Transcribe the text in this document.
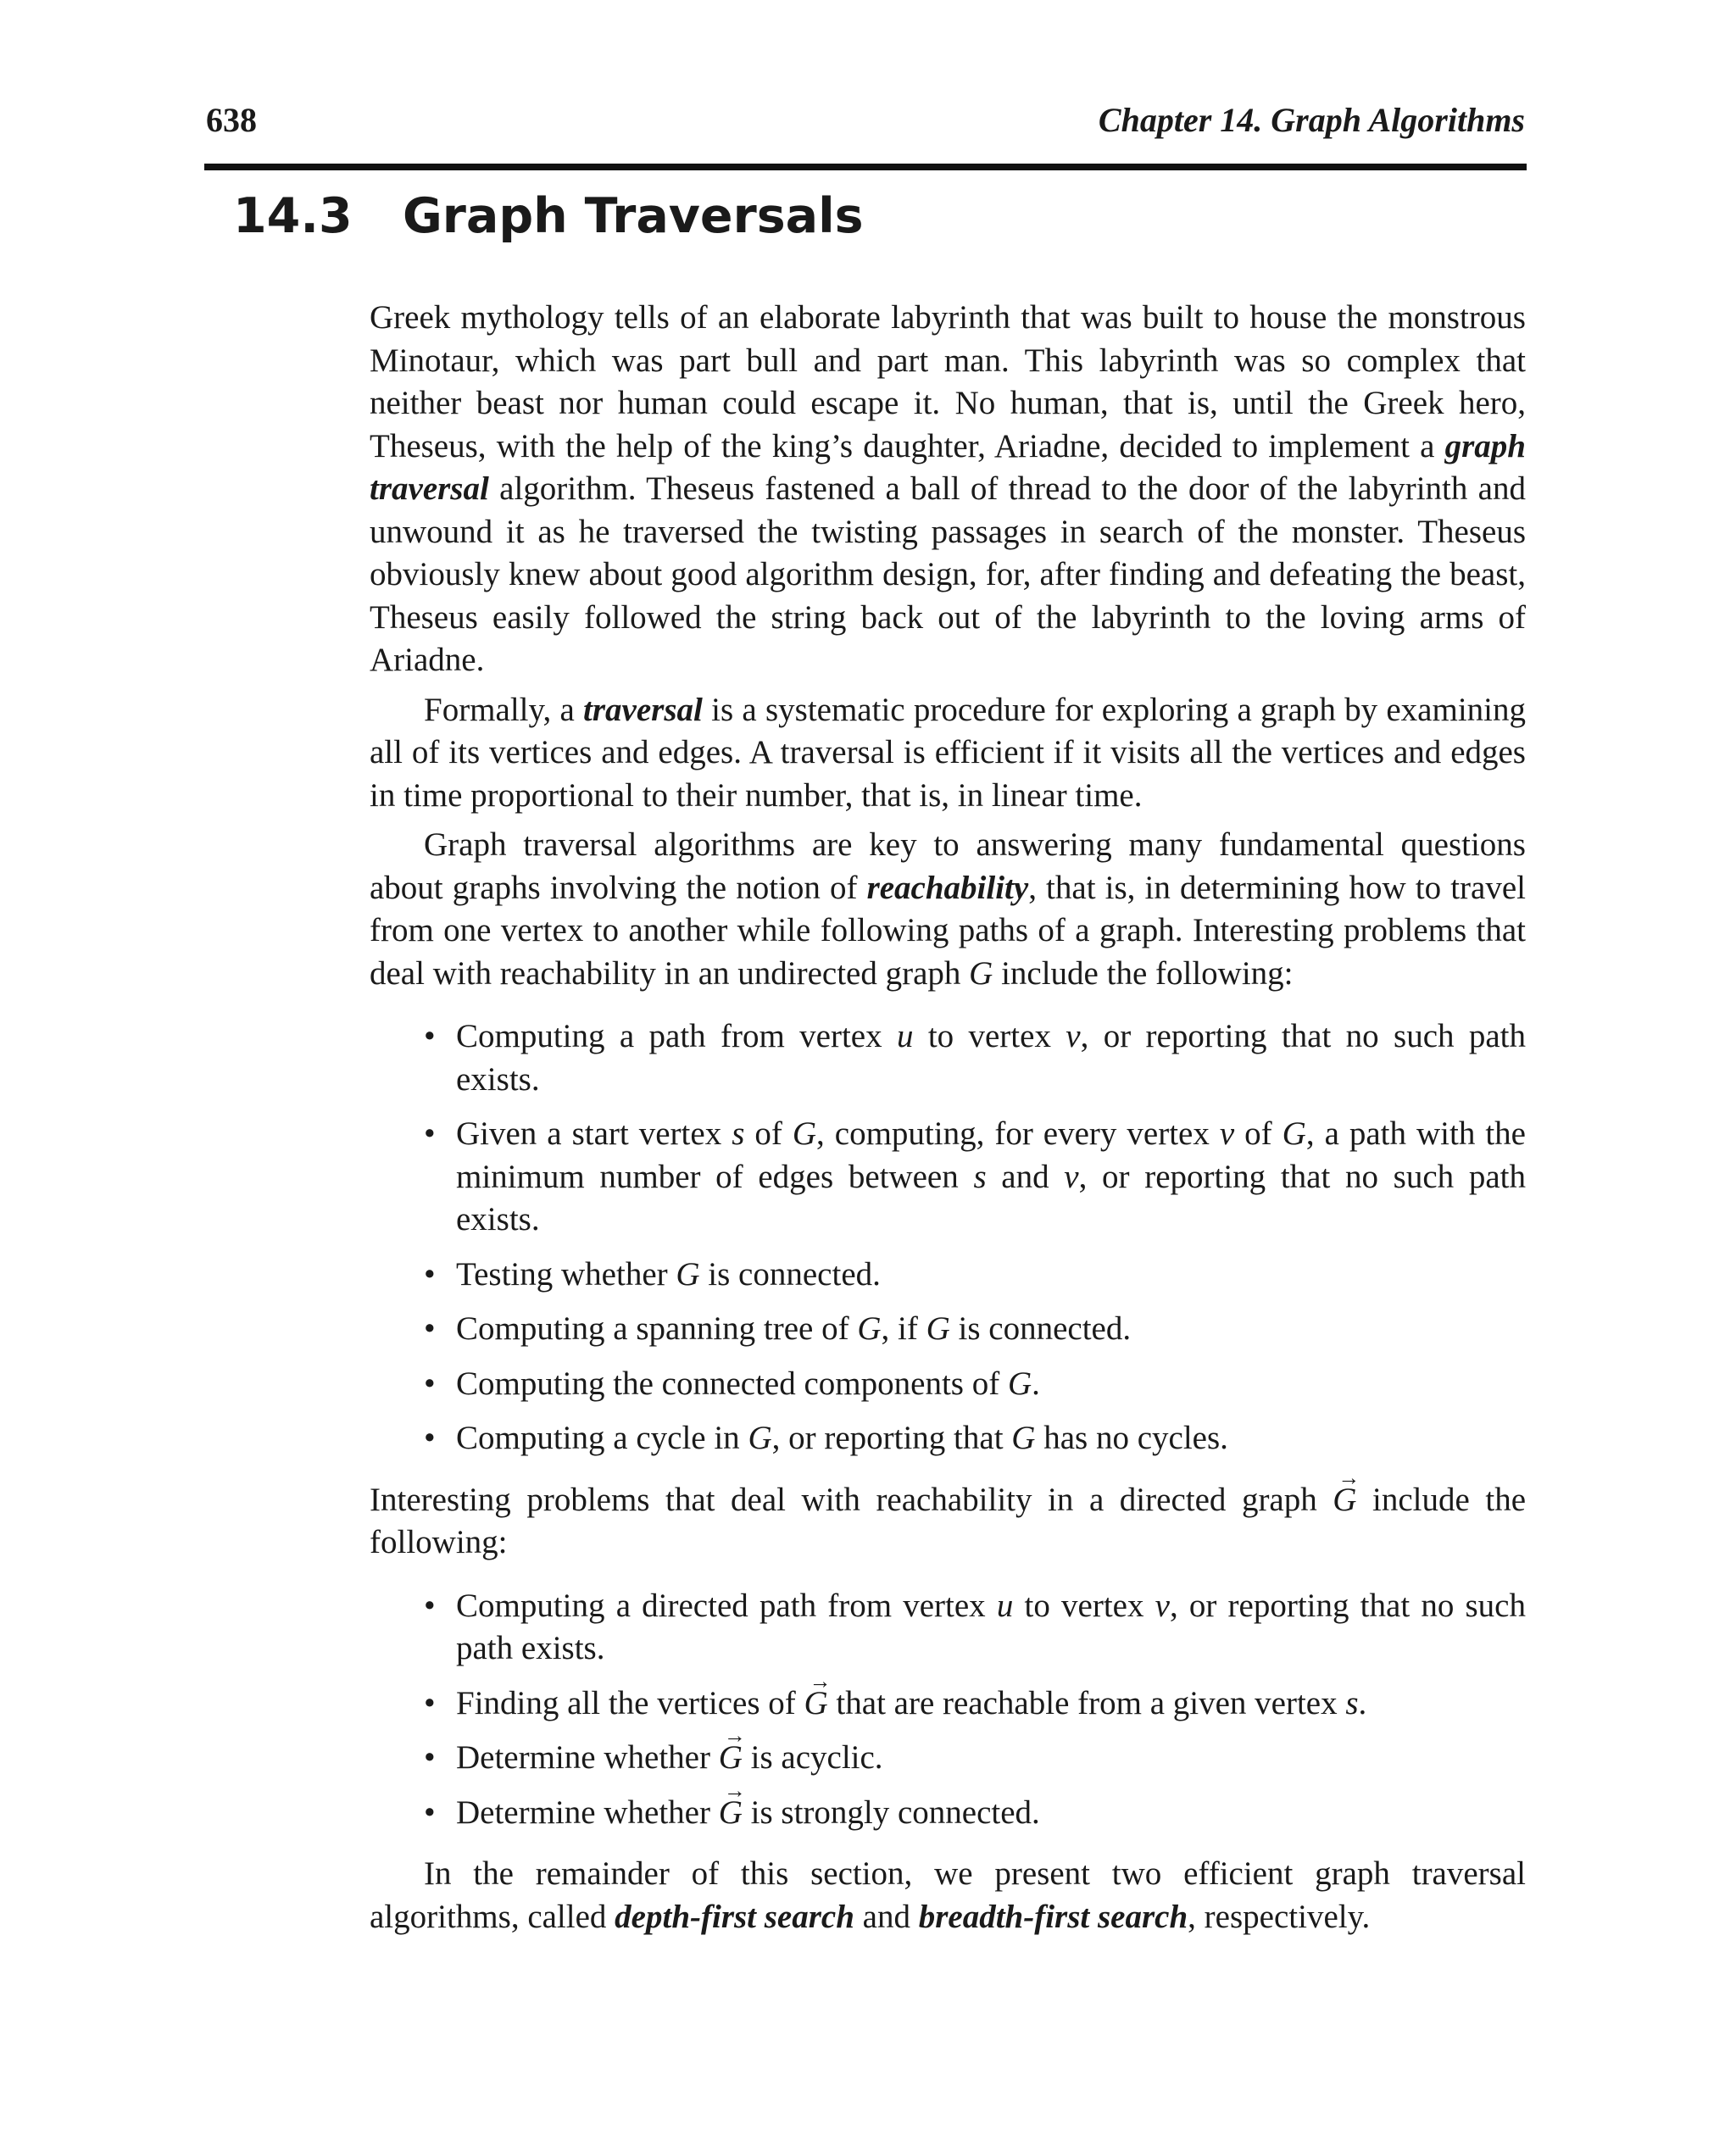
638	Chapter 14. Graph Algorithms
14.3 Graph Traversals

Greek mythology tells of an elaborate labyrinth that was built to house the monstrous Minotaur, which was part bull and part man. This labyrinth was so complex that neither beast nor human could escape it. No human, that is, until the Greek hero, Theseus, with the help of the king’s daughter, Ariadne, decided to implement a graph traversal algorithm. Theseus fastened a ball of thread to the door of the labyrinth and unwound it as he traversed the twisting passages in search of the monster. Theseus obviously knew about good algorithm design, for, after finding and defeating the beast, Theseus easily followed the string back out of the labyrinth to the loving arms of Ariadne.

Formally, a traversal is a systematic procedure for exploring a graph by examining all of its vertices and edges. A traversal is efficient if it visits all the vertices and edges in time proportional to their number, that is, in linear time.

Graph traversal algorithms are key to answering many fundamental questions about graphs involving the notion of reachability, that is, in determining how to travel from one vertex to another while following paths of a graph. Interesting problems that deal with reachability in an undirected graph G include the following:

• Computing a path from vertex u to vertex v, or reporting that no such path exists.
• Given a start vertex s of G, computing, for every vertex v of G, a path with the minimum number of edges between s and v, or reporting that no such path exists.
• Testing whether G is connected.
• Computing a spanning tree of G, if G is connected.
• Computing the connected components of G.
• Computing a cycle in G, or reporting that G has no cycles.

Interesting problems that deal with reachability in a directed graph → G include the following:

• Computing a directed path from vertex u to vertex v, or reporting that no such path exists.
• Finding all the vertices of → G that are reachable from a given vertex s.
• Determine whether → G is acyclic.
• Determine whether → G is strongly connected.

In the remainder of this section, we present two efficient graph traversal algorithms, called depth-first search and breadth-first search, respectively.
